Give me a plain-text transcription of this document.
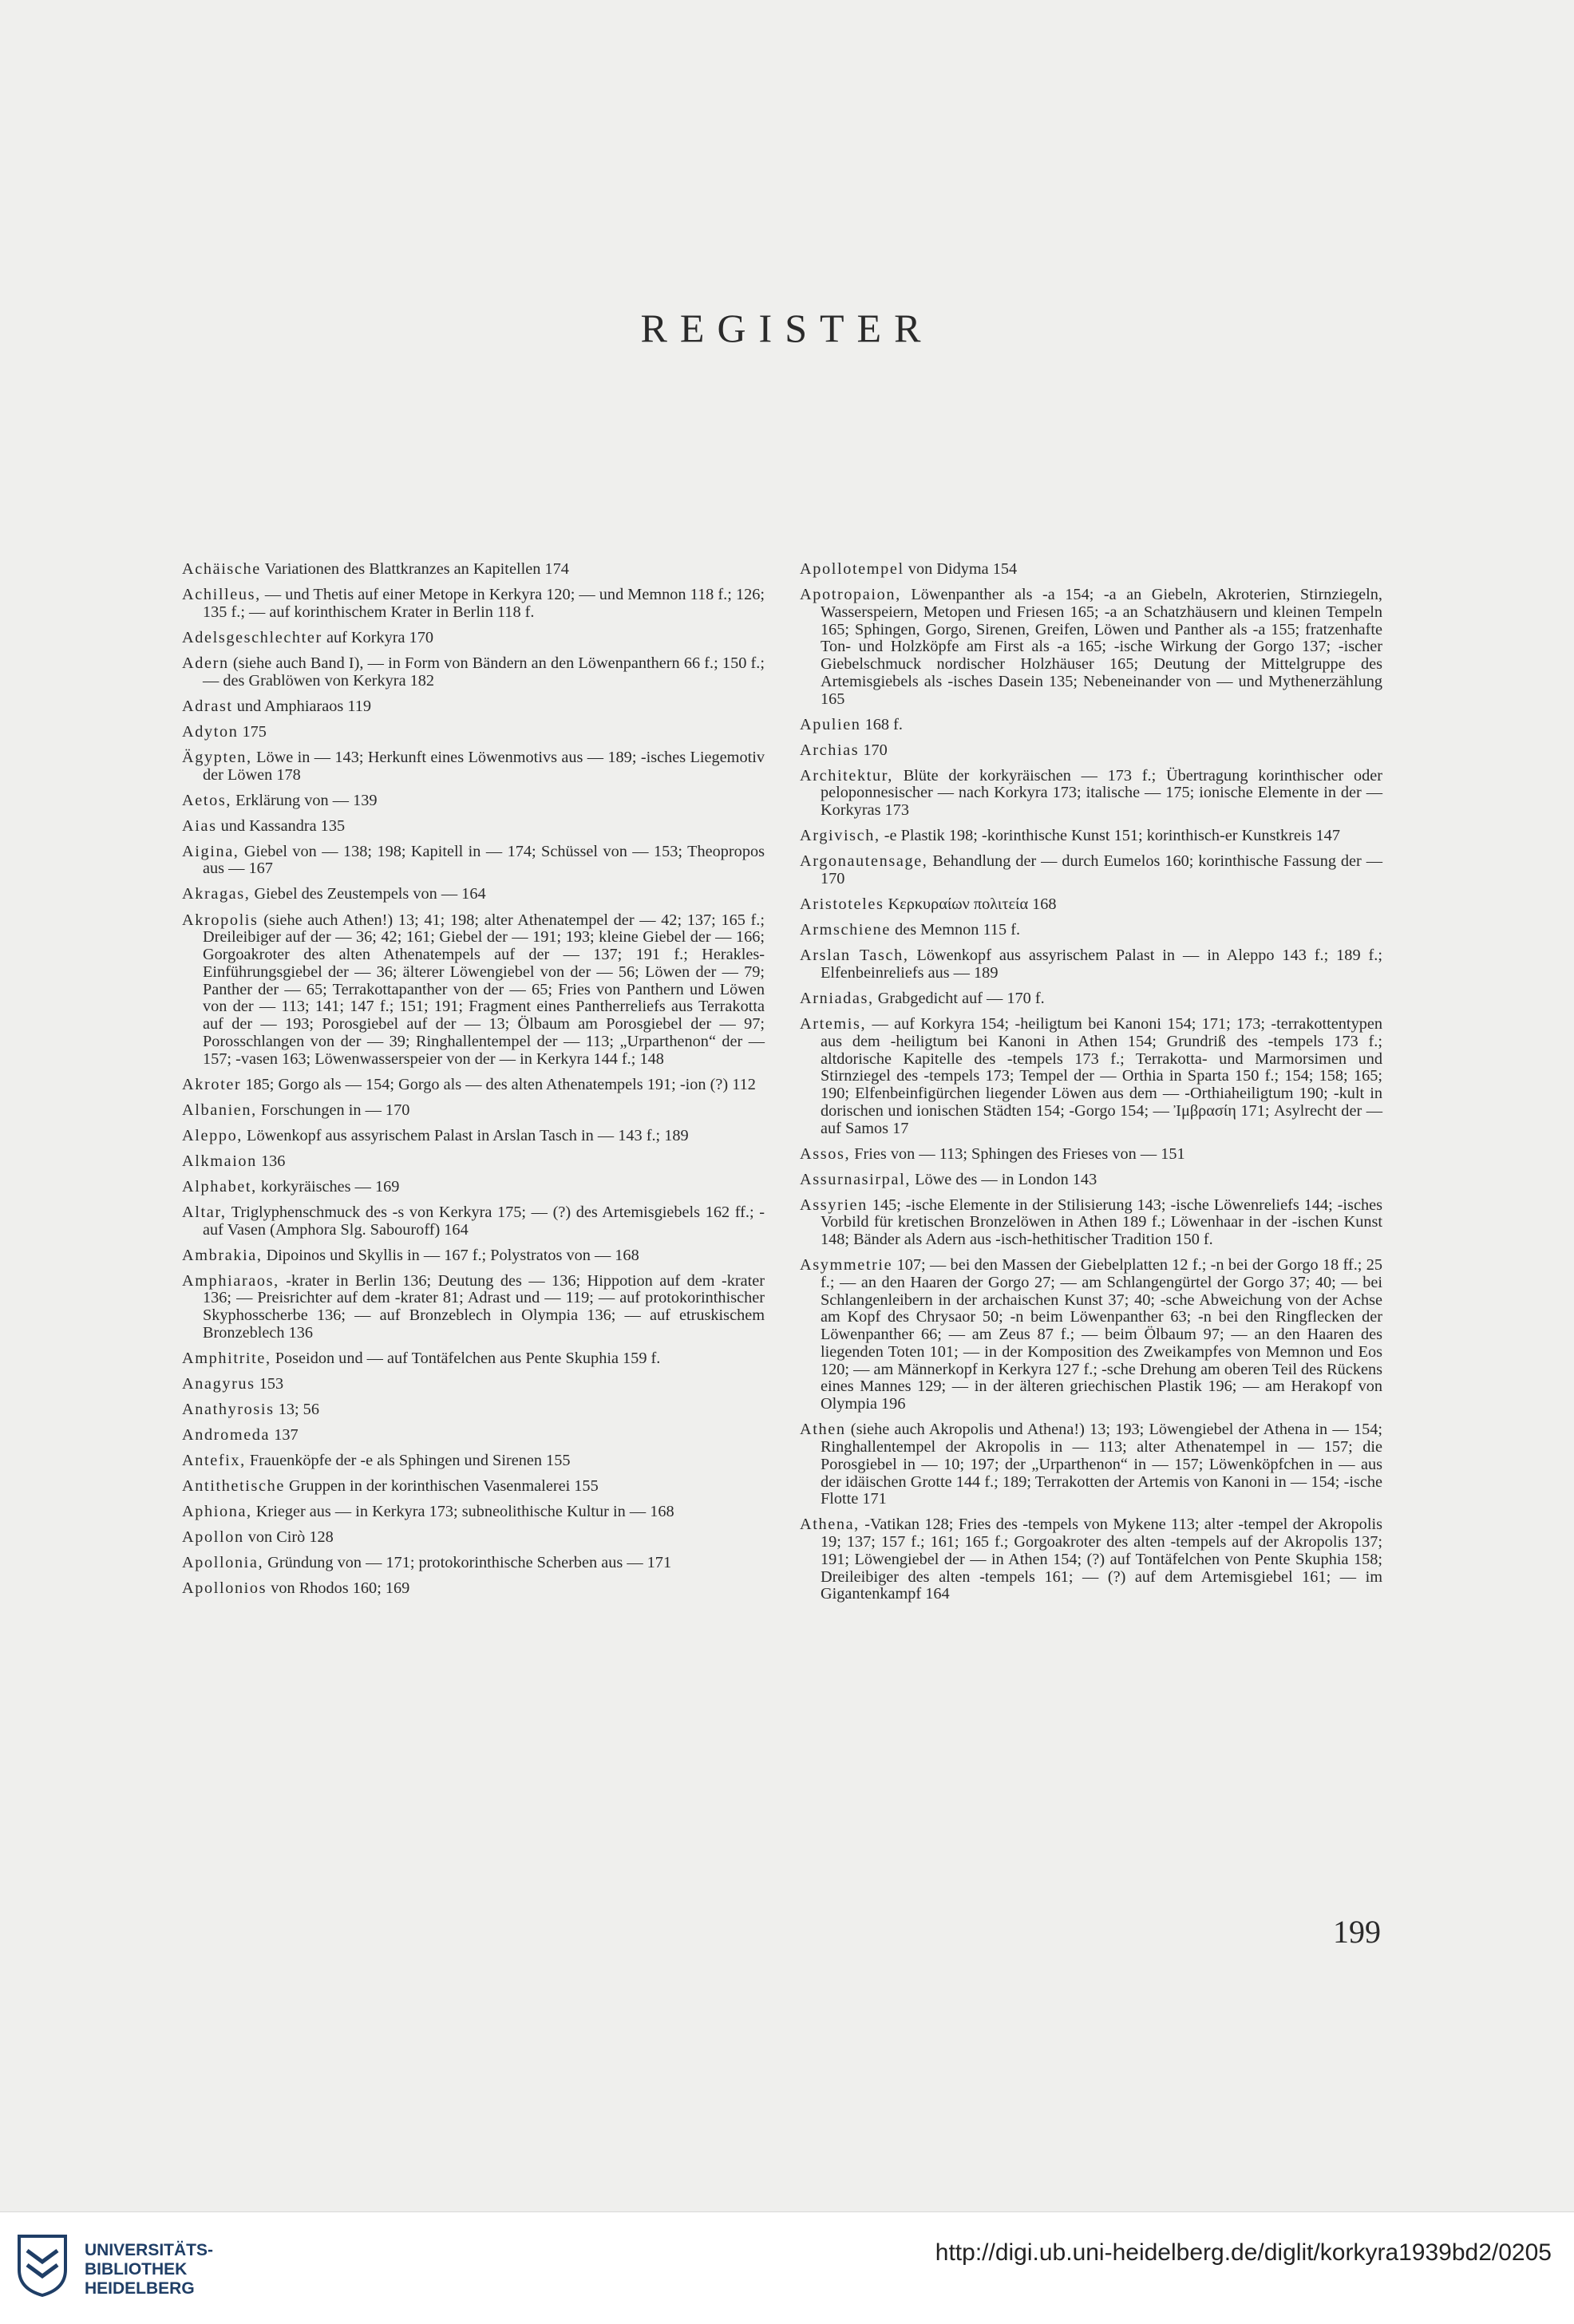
REGISTER

Achäische Variationen des Blattkranzes an Kapitellen 174

Achilleus, — und Thetis auf einer Metope in Kerkyra 120; — und Memnon 118 f.; 126; 135 f.; — auf korinthischem Krater in Berlin 118 f.

Adelsgeschlechter auf Korkyra 170

Adern (siehe auch Band I), — in Form von Bändern an den Löwenpanthern 66 f.; 150 f.; — des Grablöwen von Kerkyra 182

Adrast und Amphiaraos 119

Adyton 175

Ägypten, Löwe in — 143; Herkunft eines Löwenmotivs aus — 189; -isches Liegemotiv der Löwen 178

Aetos, Erklärung von — 139

Aias und Kassandra 135

Aigina, Giebel von — 138; 198; Kapitell in — 174; Schüssel von — 153; Theopropos aus — 167

Akragas, Giebel des Zeustempels von — 164

Akropolis (siehe auch Athen!) 13; 41; 198; alter Athenatempel der — 42; 137; 165 f.; Dreileibiger auf der — 36; 42; 161; Giebel der — 191; 193; kleine Giebel der — 166; Gorgoakroter des alten Athenatempels auf der — 137; 191 f.; Herakles-Einführungsgiebel der — 36; älterer Löwengiebel von der — 56; Löwen der — 79; Panther der — 65; Terrakottapanther von der — 65; Fries von Panthern und Löwen von der — 113; 141; 147 f.; 151; 191; Fragment eines Pantherreliefs aus Terrakotta auf der — 193; Porosgiebel auf der — 13; Ölbaum am Porosgiebel der — 97; Porosschlangen von der — 39; Ringhallentempel der — 113; „Urparthenon“ der — 157; -vasen 163; Löwenwasserspeier von der — in Kerkyra 144 f.; 148

Akroter 185; Gorgo als — 154; Gorgo als — des alten Athenatempels 191; -ion (?) 112

Albanien, Forschungen in — 170

Aleppo, Löwenkopf aus assyrischem Palast in Arslan Tasch in — 143 f.; 189

Alkmaion 136

Alphabet, korkyräisches — 169

Altar, Triglyphenschmuck des -s von Kerkyra 175; — (?) des Artemisgiebels 162 ff.; - auf Vasen (Amphora Slg. Sabouroff) 164

Ambrakia, Dipoinos und Skyllis in — 167 f.; Polystratos von — 168

Amphiaraos, -krater in Berlin 136; Deutung des — 136; Hippotion auf dem -krater 136; — Preisrichter auf dem -krater 81; Adrast und — 119; — auf protokorinthischer Skyphosscherbe 136; — auf Bronzeblech in Olympia 136; — auf etruskischem Bronzeblech 136

Amphitrite, Poseidon und — auf Tontäfelchen aus Pente Skuphia 159 f.

Anagyrus 153

Anathyrosis 13; 56

Andromeda 137

Antefix, Frauenköpfe der -e als Sphingen und Sirenen 155

Antithetische Gruppen in der korinthischen Vasenmalerei 155

Aphiona, Krieger aus — in Kerkyra 173; subneolithische Kultur in — 168

Apollon von Cirò 128

Apollonia, Gründung von — 171; protokorinthische Scherben aus — 171

Apollonios von Rhodos 160; 169

Apollotempel von Didyma 154

Apotropaion, Löwenpanther als -a 154; -a an Giebeln, Akroterien, Stirnziegeln, Wasserspeiern, Metopen und Friesen 165; -a an Schatzhäusern und kleinen Tempeln 165; Sphingen, Gorgo, Sirenen, Greifen, Löwen und Panther als -a 155; fratzenhafte Ton- und Holzköpfe am First als -a 165; -ische Wirkung der Gorgo 137; -ischer Giebelschmuck nordischer Holzhäuser 165; Deutung der Mittelgruppe des Artemisgiebels als -isches Dasein 135; Nebeneinander von — und Mythenerzählung 165

Apulien 168 f.

Archias 170

Architektur, Blüte der korkyräischen — 173 f.; Übertragung korinthischer oder peloponnesischer — nach Korkyra 173; italische — 175; ionische Elemente in der — Korkyras 173

Argivisch, -e Plastik 198; -korinthische Kunst 151; korinthisch-er Kunstkreis 147

Argonautensage, Behandlung der — durch Eumelos 160; korinthische Fassung der — 170

Aristoteles Κερκυραίων πολιτεία 168

Armschiene des Memnon 115 f.

Arslan Tasch, Löwenkopf aus assyrischem Palast in — in Aleppo 143 f.; 189 f.; Elfenbeinreliefs aus — 189

Arniadas, Grabgedicht auf — 170 f.

Artemis, — auf Korkyra 154; -heiligtum bei Kanoni 154; 171; 173; -terrakottentypen aus dem -heiligtum bei Kanoni in Athen 154; Grundriß des -tempels 173 f.; altdorische Kapitelle des -tempels 173 f.; Terrakotta- und Marmorsimen und Stirnziegel des -tempels 173; Tempel der — Orthia in Sparta 150 f.; 154; 158; 165; 190; Elfenbeinfigürchen liegender Löwen aus dem — -Orthiaheiligtum 190; -kult in dorischen und ionischen Städten 154; -Gorgo 154; — Ἰμβρασίη 171; Asylrecht der — auf Samos 17

Assos, Fries von — 113; Sphingen des Frieses von — 151

Assurnasirpal, Löwe des — in London 143

Assyrien 145; -ische Elemente in der Stilisierung 143; -ische Löwenreliefs 144; -isches Vorbild für kretischen Bronzelöwen in Athen 189 f.; Löwenhaar in der -ischen Kunst 148; Bänder als Adern aus -isch-hethitischer Tradition 150 f.

Asymmetrie 107; — bei den Massen der Giebelplatten 12 f.; -n bei der Gorgo 18 ff.; 25 f.; — an den Haaren der Gorgo 27; — am Schlangengürtel der Gorgo 37; 40; — bei Schlangenleibern in der archaischen Kunst 37; 40; -sche Abweichung von der Achse am Kopf des Chrysaor 50; -n beim Löwenpanther 63; -n bei den Ringflecken der Löwenpanther 66; — am Zeus 87 f.; — beim Ölbaum 97; — an den Haaren des liegenden Toten 101; — in der Komposition des Zweikampfes von Memnon und Eos 120; — am Männerkopf in Kerkyra 127 f.; -sche Drehung am oberen Teil des Rückens eines Mannes 129; — in der älteren griechischen Plastik 196; — am Herakopf von Olympia 196

Athen (siehe auch Akropolis und Athena!) 13; 193; Löwengiebel der Athena in — 154; Ringhallentempel der Akropolis in — 113; alter Athenatempel in — 157; die Porosgiebel in — 10; 197; der „Urparthenon“ in — 157; Löwenköpfchen in — aus der idäischen Grotte 144 f.; 189; Terrakotten der Artemis von Kanoni in — 154; -ische Flotte 171

Athena, -Vatikan 128; Fries des -tempels von Mykene 113; alter -tempel der Akropolis 19; 137; 157 f.; 161; 165 f.; Gorgoakroter des alten -tempels auf der Akropolis 137; 191; Löwengiebel der — in Athen 154; (?) auf Tontäfelchen von Pente Skuphia 158; Dreileibiger des alten -tempels 161; — (?) auf dem Artemisgiebel 161; — im Gigantenkampf 164

199

UNIVERSITÄTS-

BIBLIOTHEK

HEIDELBERG

http://digi.ub.uni-heidelberg.de/diglit/korkyra1939bd2/0205
